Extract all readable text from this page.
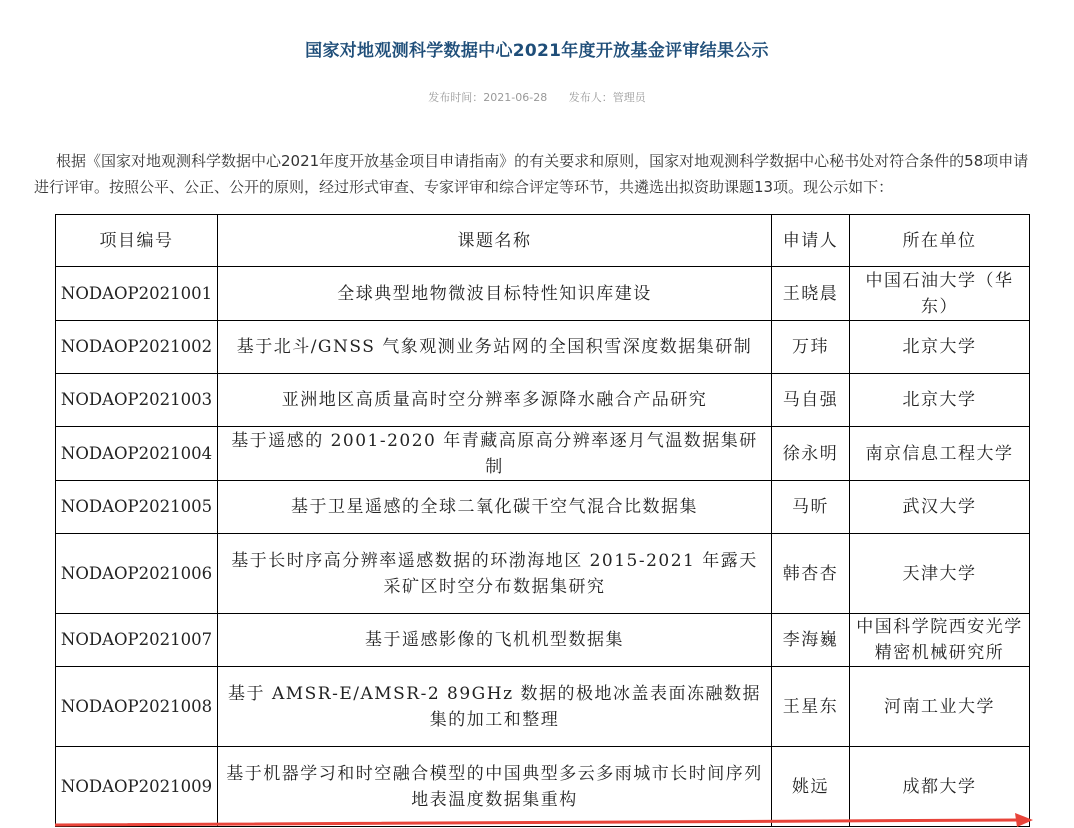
国家对地观测科学数据中心2021年度开放基金评审结果公示
发布时间：2021-06-28 发布人：管理员

根据《国家对地观测科学数据中心2021年度开放基金项目申请指南》的有关要求和原则，国家对地观测科学数据中心秘书处对符合条件的58项申请进行评审。按照公平、公正、公开的原则，经过形式审查、专家评审和综合评定等环节，共遴选出拟资助课题13项。现公示如下：

项目编号	课题名称	申请人	所在单位
NODAOP2021001	全球典型地物微波目标特性知识库建设	王晓晨	中国石油大学（华东）
NODAOP2021002	基于北斗/GNSS 气象观测业务站网的全国积雪深度数据集研制	万玮	北京大学
NODAOP2021003	亚洲地区高质量高时空分辨率多源降水融合产品研究	马自强	北京大学
NODAOP2021004	基于遥感的 2001-2020 年青藏高原高分辨率逐月气温数据集研制	徐永明	南京信息工程大学
NODAOP2021005	基于卫星遥感的全球二氧化碳干空气混合比数据集	马昕	武汉大学
NODAOP2021006	基于长时序高分辨率遥感数据的环渤海地区 2015-2021 年露天采矿区时空分布数据集研究	韩杏杏	天津大学
NODAOP2021007	基于遥感影像的飞机机型数据集	李海巍	中国科学院西安光学精密机械研究所
NODAOP2021008	基于 AMSR-E/AMSR-2 89GHz 数据的极地冰盖表面冻融数据集的加工和整理	王星东	河南工业大学
NODAOP2021009	基于机器学习和时空融合模型的中国典型多云多雨城市长时间序列地表温度数据集重构	姚远	成都大学
